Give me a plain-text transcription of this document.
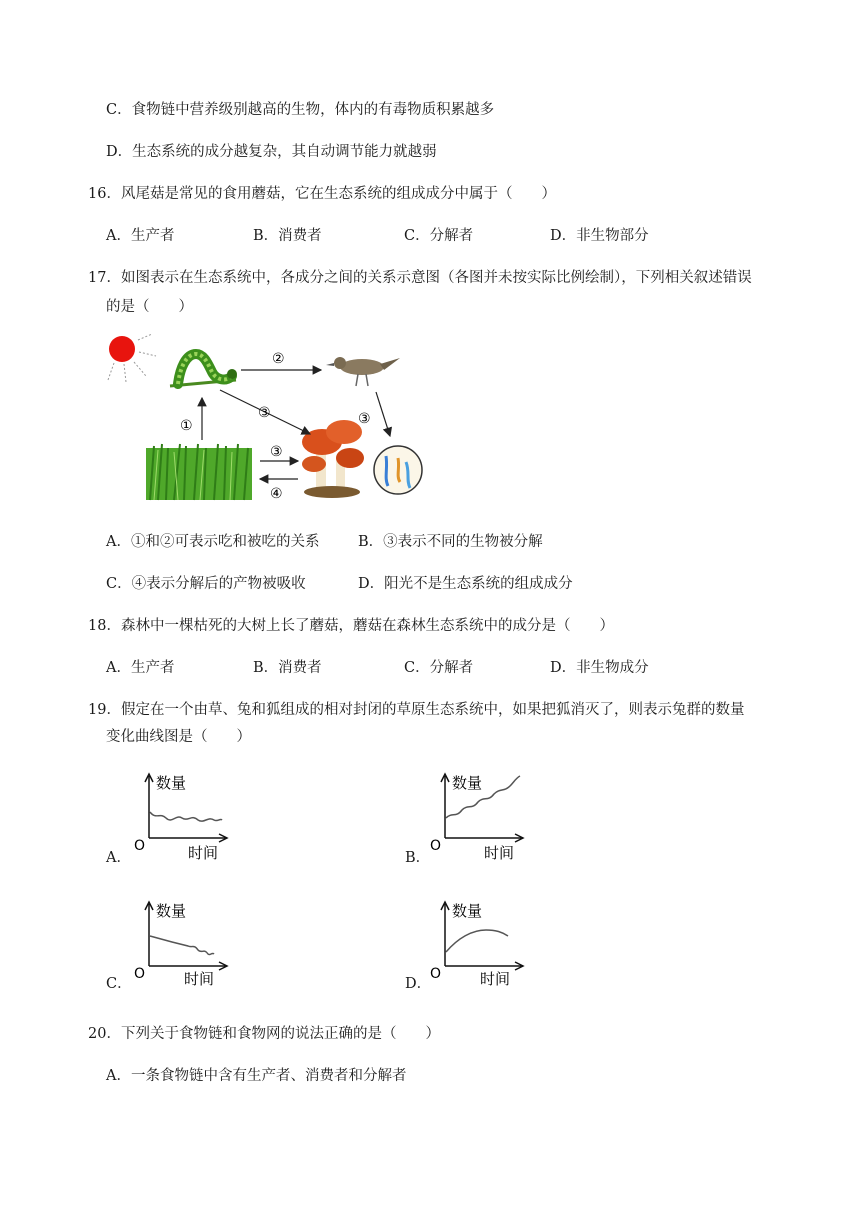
C．食物链中营养级别越高的生物，体内的有毒物质积累越多
D．生态系统的成分越复杂，其自动调节能力就越弱
16．风尾菇是常见的食用蘑菇，它在生态系统的组成成分中属于（　　）
A．生产者	B．消费者	C．分解者	D．非生物部分
17．如图表示在生态系统中，各成分之间的关系示意图（各图并未按实际比例绘制），下列相关叙述错误
的是（　　）
②
①
③	③
③
④
A．①和②可表示吃和被吃的关系	B．③表示不同的生物被分解
C．④表示分解后的产物被吸收	D．阳光不是生态系统的组成成分
18．森林中一棵枯死的大树上长了蘑菇，蘑菇在森林生态系统中的成分是（　　）
A．生产者	B．消费者	C．分解者	D．非生物成分
19．假定在一个由草、兔和狐组成的相对封闭的草原生态系统中，如果把狐消灭了，则表示兔群的数量
变化曲线图是（　　）
A．
数量
时间
O
B．
数量
时间
O
C．
数量
时间
O
D．
数量
时间
O
20．下列关于食物链和食物网的说法正确的是（　　）
A．一条食物链中含有生产者、消费者和分解者
